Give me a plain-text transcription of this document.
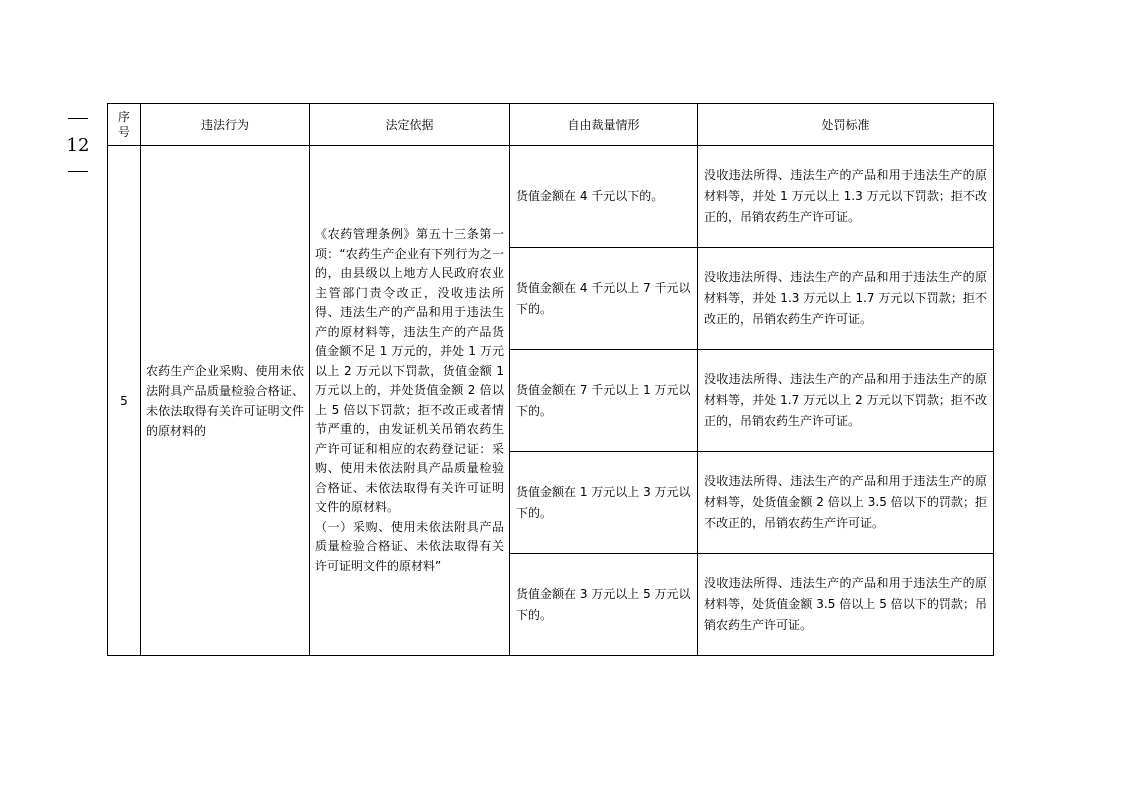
12
序
号	违法行为	法定依据	自由裁量情形	处罚标准
5	农药生产企业采购、使用未依法附具产品质量检验合格证、未依法取得有关许可证明文件的原材料的	《农药管理条例》第五十三条第一项：“农药生产企业有下列行为之一的，由县级以上地方人民政府农业主管部门责令改正，没收违法所得、违法生产的产品和用于违法生产的原材料等，违法生产的产品货值金额不足 1 万元的，并处 1 万元以上 2 万元以下罚款，货值金额 1 万元以上的，并处货值金额 2 倍以上 5 倍以下罚款；拒不改正或者情节严重的，由发证机关吊销农药生产许可证和相应的农药登记证：采购、使用未依法附具产品质量检验合格证、未依法取得有关许可证明文件的原材料。
（一）采购、使用未依法附具产品质量检验合格证、未依法取得有关许可证明文件的原材料”	货值金额在 4 千元以下的。	没收违法所得、违法生产的产品和用于违法生产的原材料等，并处 1 万元以上 1.3 万元以下罚款；拒不改正的，吊销农药生产许可证。
			货值金额在 4 千元以上 7 千元以下的。	没收违法所得、违法生产的产品和用于违法生产的原材料等，并处 1.3 万元以上 1.7 万元以下罚款；拒不改正的，吊销农药生产许可证。
			货值金额在 7 千元以上 1 万元以下的。	没收违法所得、违法生产的产品和用于违法生产的原材料等，并处 1.7 万元以上 2 万元以下罚款；拒不改正的，吊销农药生产许可证。
			货值金额在 1 万元以上 3 万元以下的。	没收违法所得、违法生产的产品和用于违法生产的原材料等，处货值金额 2 倍以上 3.5 倍以下的罚款；拒不改正的，吊销农药生产许可证。
			货值金额在 3 万元以上 5 万元以下的。	没收违法所得、违法生产的产品和用于违法生产的原材料等，处货值金额 3.5 倍以上 5 倍以下的罚款；吊销农药生产许可证。
